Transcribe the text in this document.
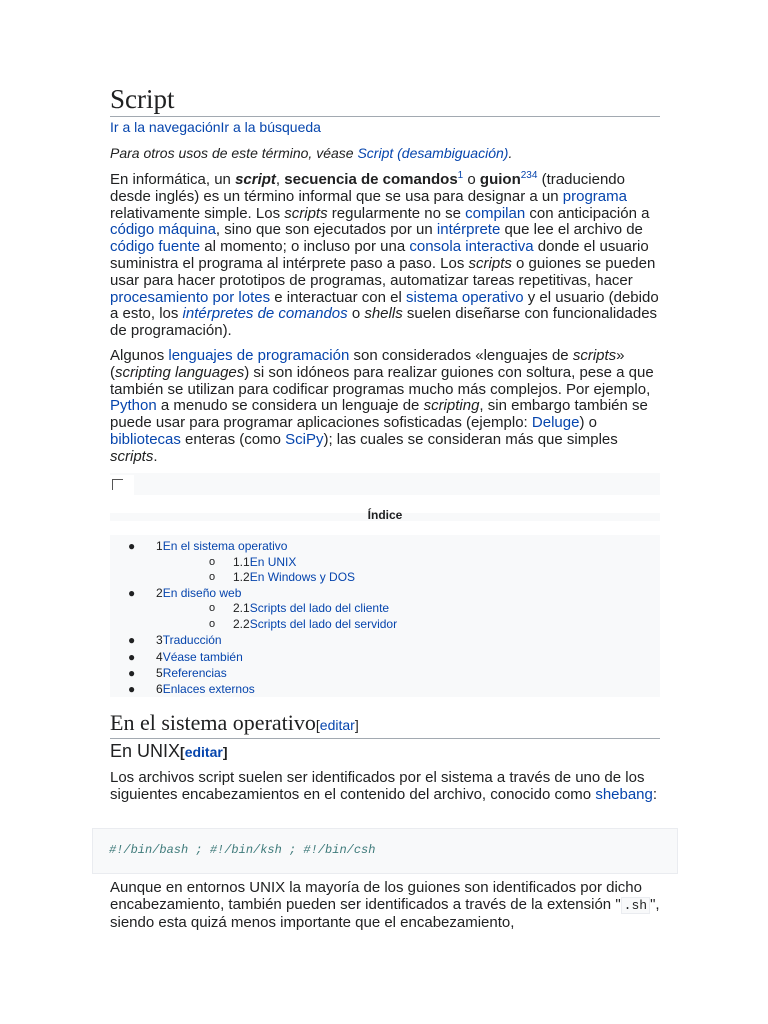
Script
Ir a la navegaciónIr a la búsqueda
Para otros usos de este término, véase Script (desambiguación).

En informática, un script, secuencia de comandos$^1$ o guion$^{234}$ (traduciendo desde inglés) es un término informal que se usa para designar a un programa relativamente simple. Los scripts regularmente no se compilan con anticipación a código máquina, sino que son ejecutados por un intérprete que lee el archivo de código fuente al momento; o incluso por una consola interactiva donde el usuario suministra el programa al intérprete paso a paso. Los scripts o guiones se pueden usar para hacer prototipos de programas, automatizar tareas repetitivas, hacer procesamiento por lotes e interactuar con el sistema operativo y el usuario (debido a esto, los intérpretes de comandos o shells suelen diseñarse con funcionalidades de programación).

Algunos lenguajes de programación son considerados «lenguajes de scripts» (scripting languages) si son idóneos para realizar guiones con soltura, pese a que también se utilizan para codificar programas mucho más complejos. Por ejemplo, Python a menudo se considera un lenguaje de scripting, sin embargo también se puede usar para programar aplicaciones sofisticadas (ejemplo: Deluge) o bibliotecas enteras (como SciPy); las cuales se consideran más que simples scripts.

Índice
● 1En el sistema operativo
o 1.1En UNIX
o 1.2En Windows y DOS
● 2En diseño web
o 2.1Scripts del lado del cliente
o 2.2Scripts del lado del servidor
● 3Traducción
● 4Véase también
● 5Referencias
● 6Enlaces externos
En el sistema operativo[editar]
En UNIX[editar]

Los archivos script suelen ser identificados por el sistema a través de uno de los siguientes encabezamientos en el contenido del archivo, conocido como shebang:

#!/bin/bash ; #!/bin/ksh ; #!/bin/csh

Aunque en entornos UNIX la mayoría de los guiones son identificados por dicho encabezamiento, también pueden ser identificados a través de la extensión " .sh ", siendo esta quizá menos importante que el encabezamiento,
